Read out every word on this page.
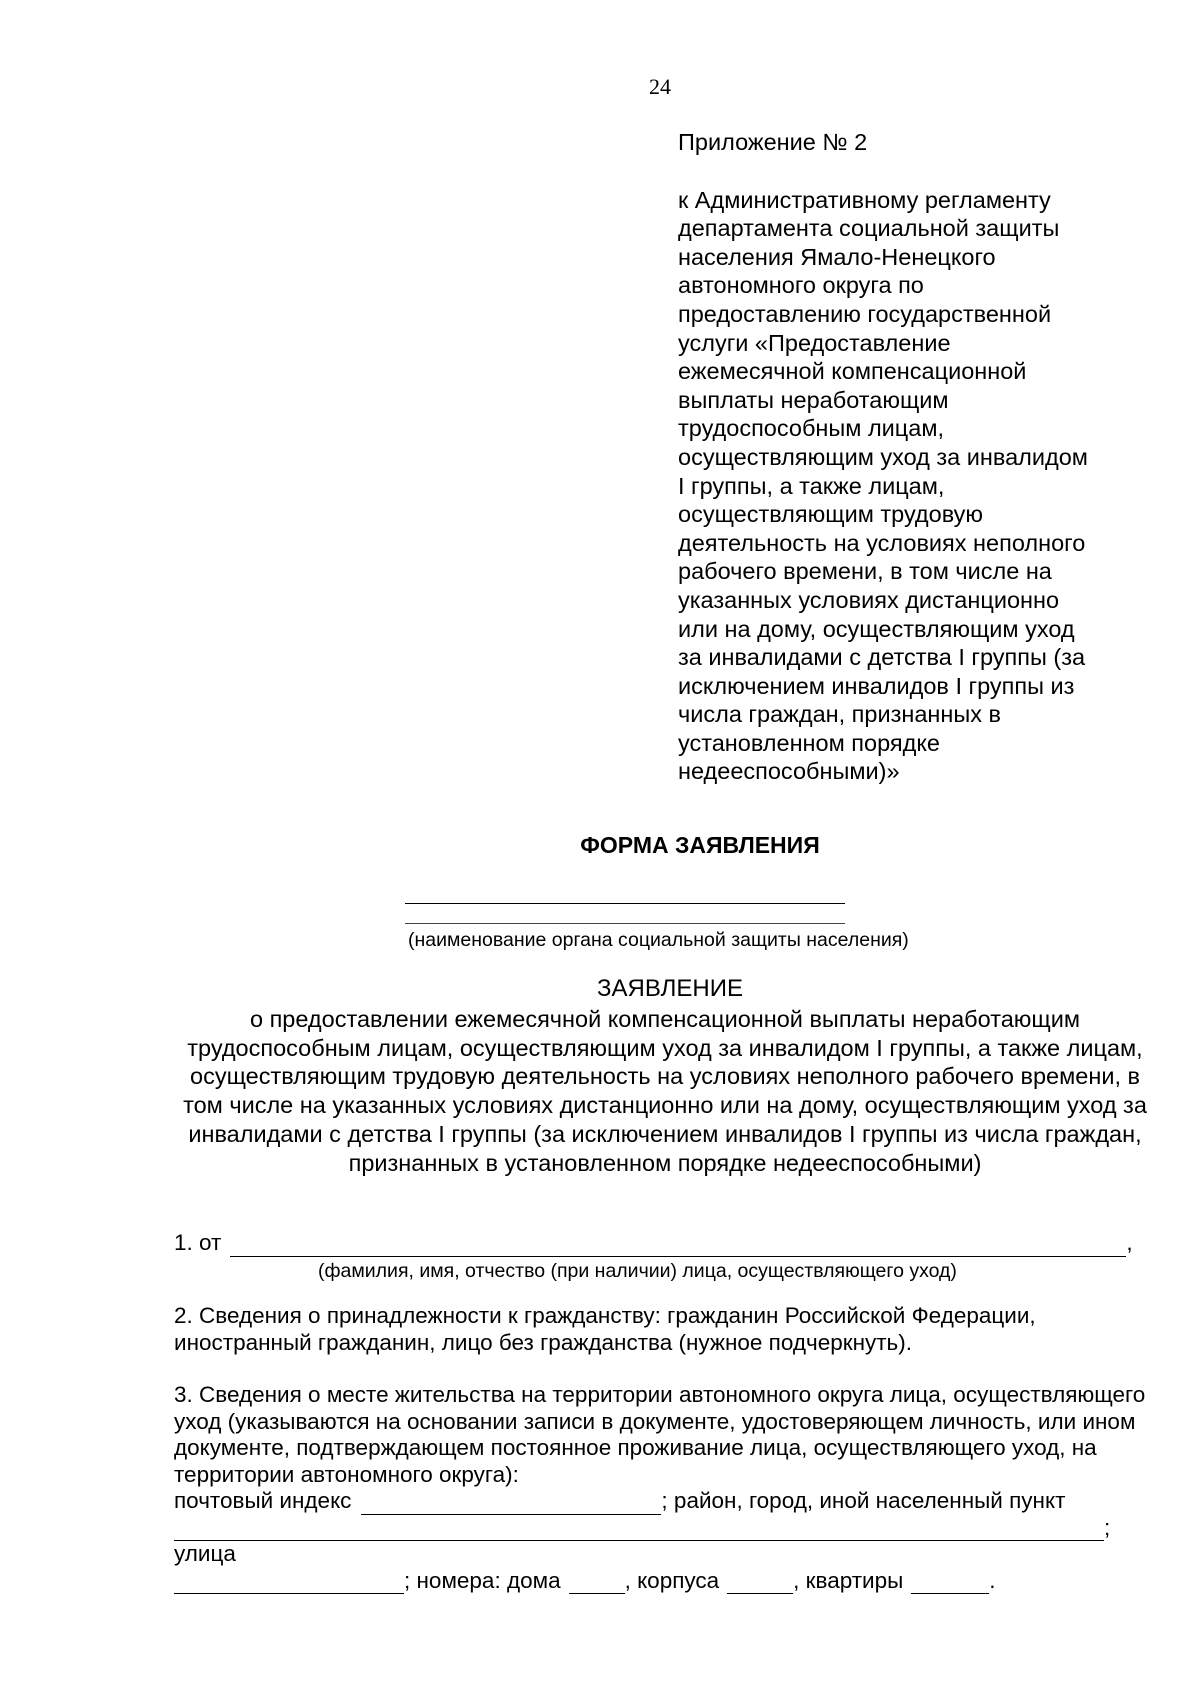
24

Приложение № 2

к Административному регламенту
департамента социальной защиты
населения Ямало-Ненецкого
автономного округа по
предоставлению государственной
услуги «Предоставление
ежемесячной компенсационной
выплаты неработающим
трудоспособным лицам,
осуществляющим уход за инвалидом
I группы, а также лицам,
осуществляющим трудовую
деятельность на условиях неполного
рабочего времени, в том числе на
указанных условиях дистанционно
или на дому, осуществляющим уход
за инвалидами с детства I группы (за
исключением инвалидов I группы из
числа граждан, признанных в
установленном порядке
недееспособными)»

ФОРМА ЗАЯВЛЕНИЯ
(наименование органа социальной защиты населения)
ЗАЯВЛЕНИЕ
о предоставлении ежемесячной компенсационной выплаты неработающим трудоспособным лицам, осуществляющим уход за инвалидом I группы, а также лицам, осуществляющим трудовую деятельность на условиях неполного рабочего времени, в том числе на указанных условиях дистанционно или на дому, осуществляющим уход за инвалидами с детства I группы (за исключением инвалидов I группы из числа граждан, признанных в установленном порядке недееспособными)
1. от	,
(фамилия, имя, отчество (при наличии) лица, осуществляющего уход)
2. Сведения о принадлежности к гражданству: гражданин Российской Федерации, иностранный гражданин, лицо без гражданства (нужное подчеркнуть).
3. Сведения о месте жительства на территории автономного округа лица, осуществляющего уход (указываются на основании записи в документе, удостоверяющем личность, или ином документе, подтверждающем постоянное проживание лица, осуществляющего уход, на территории автономного округа):
почтовый индекс	; район, город, иной населенный пункт
;
улица
; номера: дома	, корпуса	, квартиры	.
